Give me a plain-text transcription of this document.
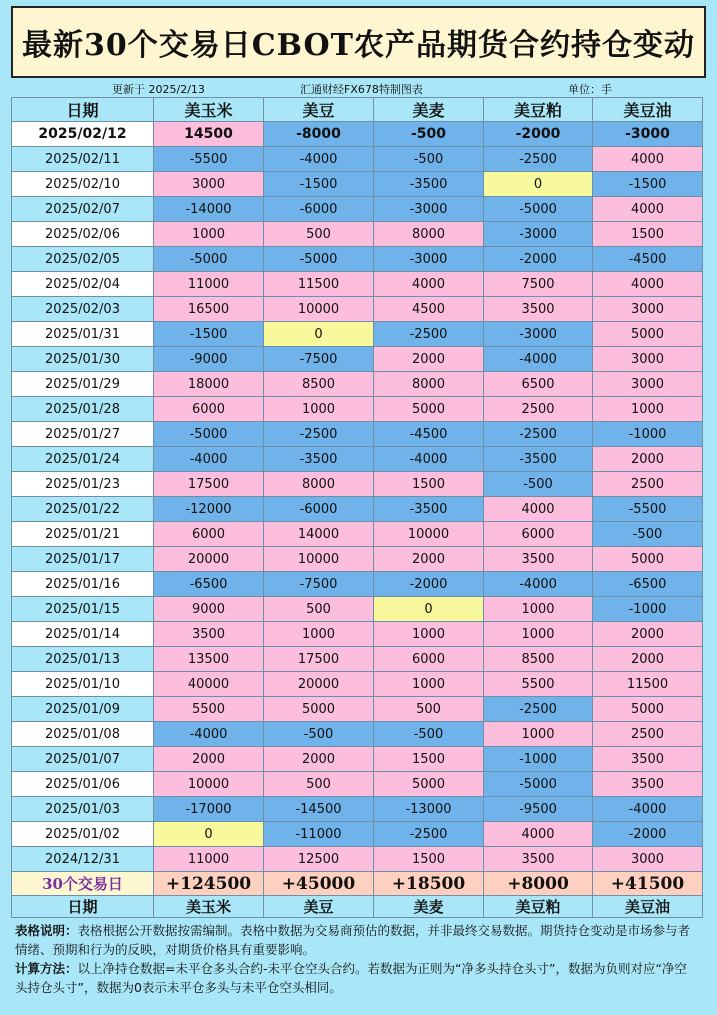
最新30个交易日CBOT农产品期货合约持仓变动
更新于 2025/2/13	汇通财经FX678特制图表	单位：手
日期	美玉米	美豆	美麦	美豆粕	美豆油
2025/02/12	14500	-8000	-500	-2000	-3000
2025/02/11	-5500	-4000	-500	-2500	4000
2025/02/10	3000	-1500	-3500	0	-1500
2025/02/07	-14000	-6000	-3000	-5000	4000
2025/02/06	1000	500	8000	-3000	1500
2025/02/05	-5000	-5000	-3000	-2000	-4500
2025/02/04	11000	11500	4000	7500	4000
2025/02/03	16500	10000	4500	3500	3000
2025/01/31	-1500	0	-2500	-3000	5000
2025/01/30	-9000	-7500	2000	-4000	3000
2025/01/29	18000	8500	8000	6500	3000
2025/01/28	6000	1000	5000	2500	1000
2025/01/27	-5000	-2500	-4500	-2500	-1000
2025/01/24	-4000	-3500	-4000	-3500	2000
2025/01/23	17500	8000	1500	-500	2500
2025/01/22	-12000	-6000	-3500	4000	-5500
2025/01/21	6000	14000	10000	6000	-500
2025/01/17	20000	10000	2000	3500	5000
2025/01/16	-6500	-7500	-2000	-4000	-6500
2025/01/15	9000	500	0	1000	-1000
2025/01/14	3500	1000	1000	1000	2000
2025/01/13	13500	17500	6000	8500	2000
2025/01/10	40000	20000	1000	5500	11500
2025/01/09	5500	5000	500	-2500	5000
2025/01/08	-4000	-500	-500	1000	2500
2025/01/07	2000	2000	1500	-1000	3500
2025/01/06	10000	500	5000	-5000	3500
2025/01/03	-17000	-14500	-13000	-9500	-4000
2025/01/02	0	-11000	-2500	4000	-2000
2024/12/31	11000	12500	1500	3500	3000
30个交易日	+124500	+45000	+18500	+8000	+41500
日期	美玉米	美豆	美麦	美豆粕	美豆油
表格说明：表格根据公开数据按需编制。表格中数据为交易商预估的数据，并非最终交易数据。期货持仓变动是市场参与者情绪、预期和行为的反映，对期货价格具有重要影响。
计算方法：以上净持仓数据=未平仓多头合约-未平仓空头合约。若数据为正则为“净多头持仓头寸”，数据为负则对应“净空头持仓头寸”，数据为0表示未平仓多头与未平仓空头相同。
